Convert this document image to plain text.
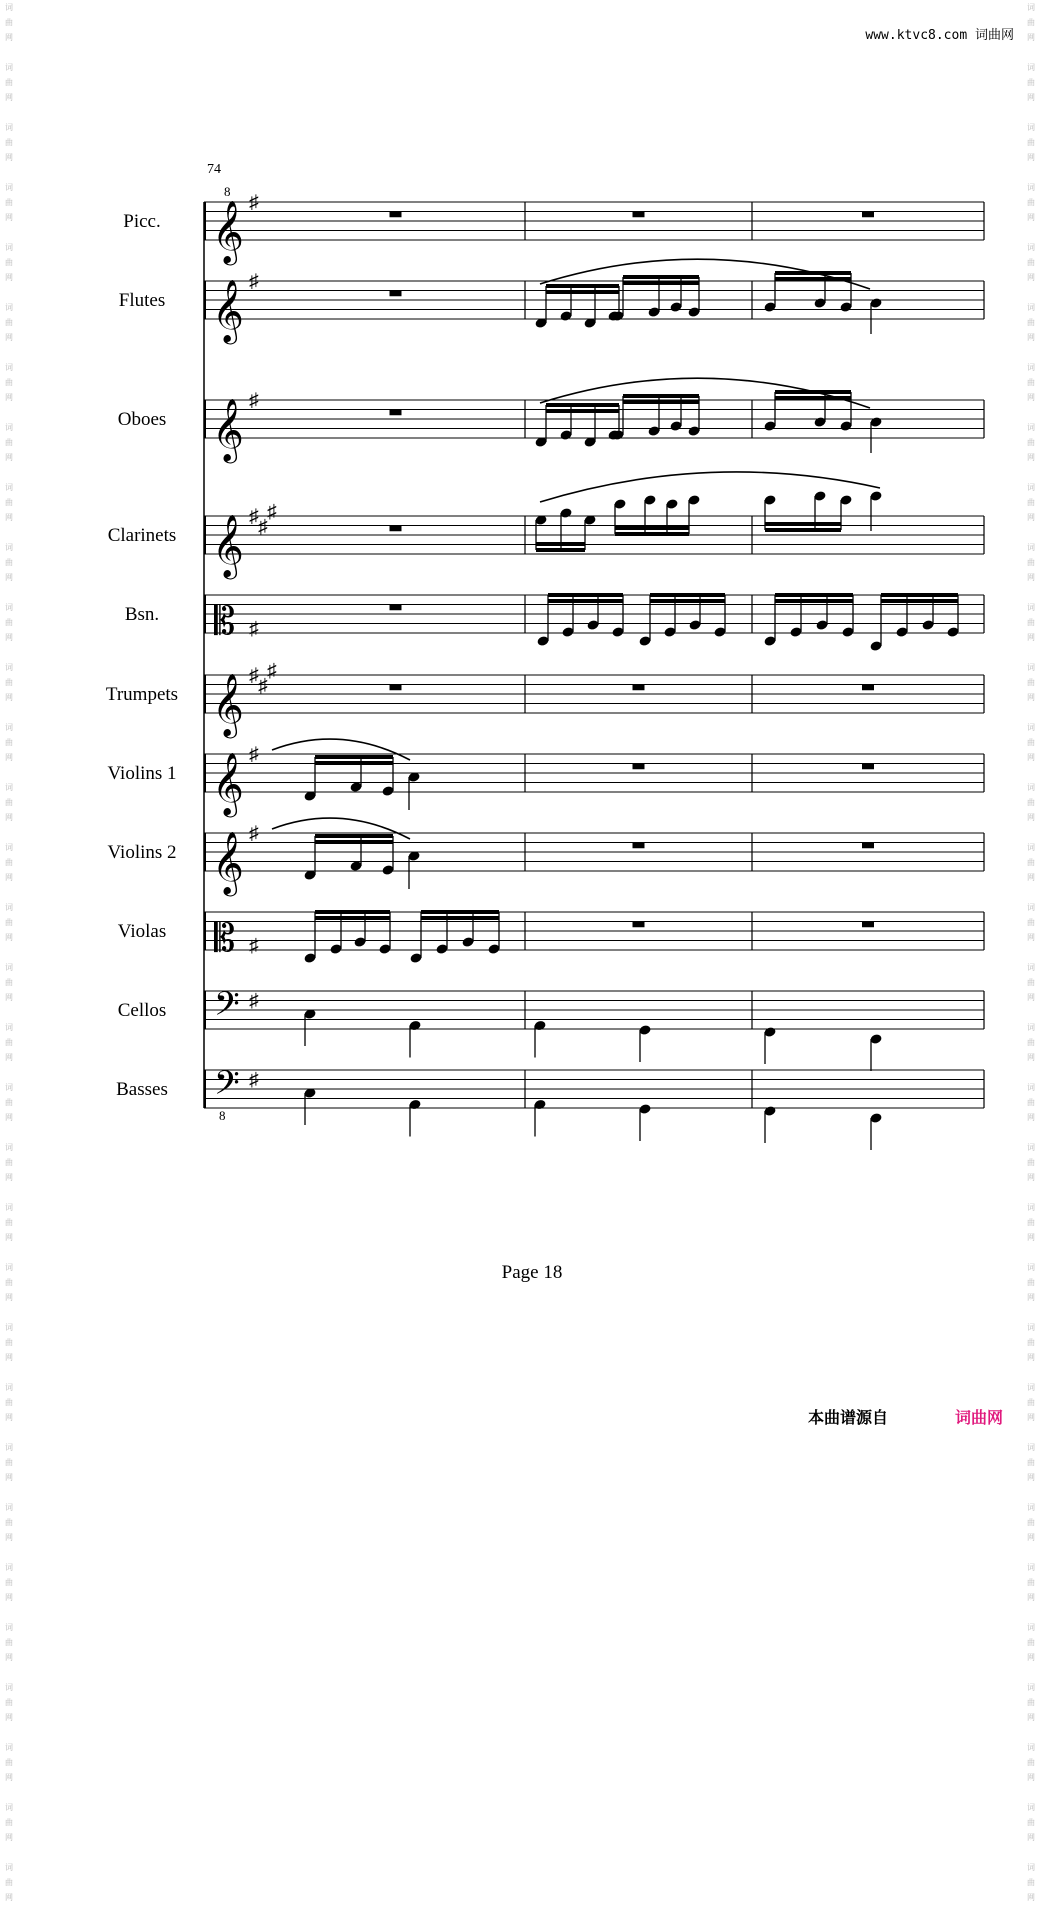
词
曲
网

词
曲
网

词
曲
网

词
曲
网

词
曲
网

词
曲
网

词
曲
网

词
曲
网

词
曲
网

词
曲
网

词
曲
网

词
曲
网

词
曲
网

词
曲
网

词
曲
网

词
曲
网

词
曲
网

词
曲
网

词
曲
网

词
曲
网

词
曲
网

词
曲
网

词
曲
网

词
曲
网

词
曲
网

词
曲
网

词
曲
网

词
曲
网

词
曲
网

词
曲
网

词
曲
网

词
曲
网

词
曲
网

词
曲
网

词
曲
网

词
曲
网

词
曲
网

词
曲
网

词
曲
网

词
曲
网

词
曲
网

词
曲
网

词
曲
网

词
曲
网

词
曲
网

词
曲
网

词
曲
网

词
曲
网

词
曲
网

词
曲
网

词
曲
网

词
曲
网

词
曲
网

词
曲
网

词
曲
网

词
曲
网

词
曲
网

词
曲
网

词
曲
网

词
曲
网

词
曲
网

词
曲
网

词
曲
网

词
曲
网

www.ktvc8.com 词曲网
74
Picc. 𝄞
8
♯
Flutes 𝄞 ♯
Oboes 𝄞 ♯
Clarinets 𝄞 ♯ ♯
♯
Bsn. 𝄡 ♯
Trumpets 𝄞 ♯ ♯
♯
Violins 1 𝄞 ♯
Violins 2 𝄞 ♯
Violas 𝄡 ♯
Cellos 𝄢 ♯
Basses 𝄢
8
♯
Page 18
本曲谱源自	词曲网
